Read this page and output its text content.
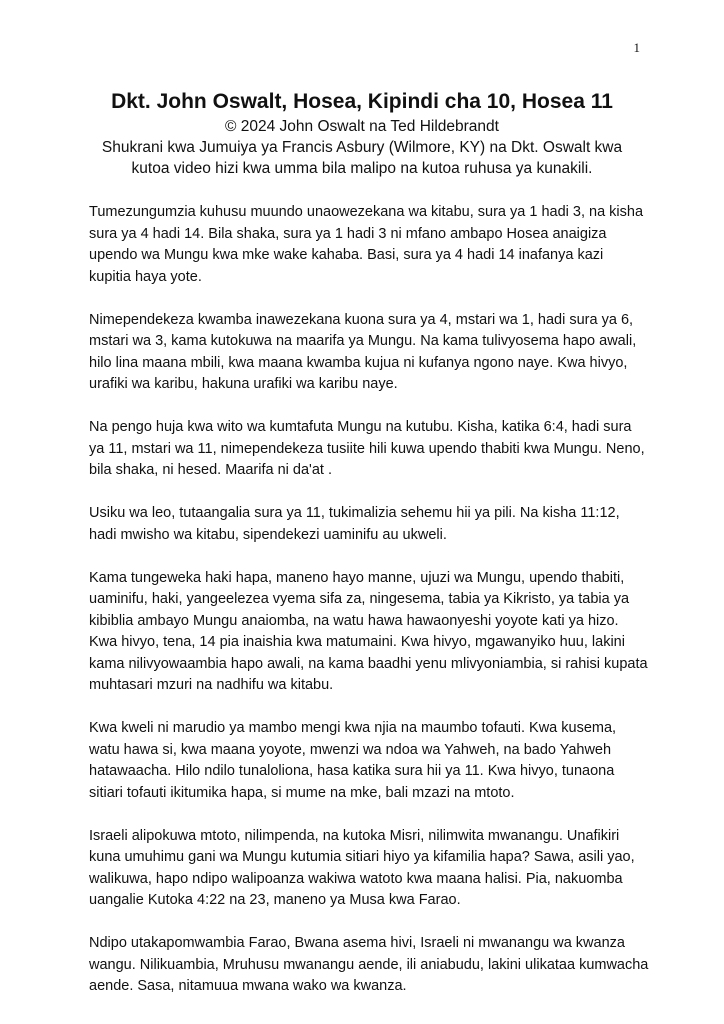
1

Dkt. John Oswalt, Hosea, Kipindi cha 10, Hosea 11

© 2024 John Oswalt na Ted Hildebrandt

Shukrani kwa Jumuiya ya Francis Asbury (Wilmore, KY) na Dkt. Oswalt kwa

kutoa video hizi kwa umma bila malipo na kutoa ruhusa ya kunakili.

Tumezungumzia kuhusu muundo unaowezekana wa kitabu, sura ya 1 hadi 3, na kisha sura ya 4 hadi 14. Bila shaka, sura ya 1 hadi 3 ni mfano ambapo Hosea anaigiza upendo wa Mungu kwa mke wake kahaba. Basi, sura ya 4 hadi 14 inafanya kazi kupitia haya yote.

Nimependekeza kwamba inawezekana kuona sura ya 4, mstari wa 1, hadi sura ya 6, mstari wa 3, kama kutokuwa na maarifa ya Mungu. Na kama tulivyosema hapo awali, hilo lina maana mbili, kwa maana kwamba kujua ni kufanya ngono naye. Kwa hivyo, urafiki wa karibu, hakuna urafiki wa karibu naye.

Na pengo huja kwa wito wa kumtafuta Mungu na kutubu. Kisha, katika 6:4, hadi sura ya 11, mstari wa 11, nimependekeza tusiite hili kuwa upendo thabiti kwa Mungu. Neno, bila shaka, ni hesed. Maarifa ni da'at .

Usiku wa leo, tutaangalia sura ya 11, tukimalizia sehemu hii ya pili. Na kisha 11:12, hadi mwisho wa kitabu, sipendekezi uaminifu au ukweli.

Kama tungeweka haki hapa, maneno hayo manne, ujuzi wa Mungu, upendo thabiti, uaminifu, haki, yangeelezea vyema sifa za, ningesema, tabia ya Kikristo, ya tabia ya kibiblia ambayo Mungu anaiomba, na watu hawa hawaonyeshi yoyote kati ya hizo. Kwa hivyo, tena, 14 pia inaishia kwa matumaini. Kwa hivyo, mgawanyiko huu, lakini kama nilivyowaambia hapo awali, na kama baadhi yenu mlivyoniambia, si rahisi kupata muhtasari mzuri na nadhifu wa kitabu.

Kwa kweli ni marudio ya mambo mengi kwa njia na maumbo tofauti. Kwa kusema, watu hawa si, kwa maana yoyote, mwenzi wa ndoa wa Yahweh, na bado Yahweh hatawaacha. Hilo ndilo tunaloliona, hasa katika sura hii ya 11. Kwa hivyo, tunaona sitiari tofauti ikitumika hapa, si mume na mke, bali mzazi na mtoto.

Israeli alipokuwa mtoto, nilimpenda, na kutoka Misri, nilimwita mwanangu. Unafikiri kuna umuhimu gani wa Mungu kutumia sitiari hiyo ya kifamilia hapa? Sawa, asili yao, walikuwa, hapo ndipo walipoanza wakiwa watoto kwa maana halisi. Pia, nakuomba uangalie Kutoka 4:22 na 23, maneno ya Musa kwa Farao.

Ndipo utakapomwambia Farao, Bwana asema hivi, Israeli ni mwanangu wa kwanza wangu. Nilikuambia, Mruhusu mwanangu aende, ili aniabudu, lakini ulikataa kumwacha aende. Sasa, nitamuua mwana wako wa kwanza.
